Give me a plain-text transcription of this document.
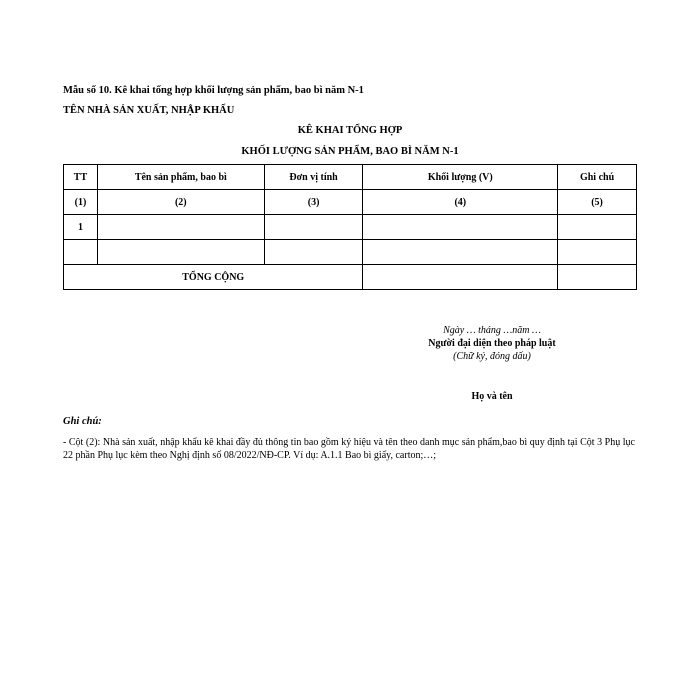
Mẫu số 10. Kê khai tổng hợp khối lượng sản phẩm, bao bì năm N-1
TÊN NHÀ SẢN XUẤT, NHẬP KHẨU
KÊ KHAI TỔNG HỢP
KHỐI LƯỢNG SẢN PHẨM, BAO BÌ NĂM N-1
TT	Tên sản phẩm, bao bì	Đơn vị tính	Khối lượng (V)	Ghi chú
(1)	(2)	(3)	(4)	(5)
1				

TỔNG CỘNG				
Ngày … tháng …năm …
Người đại diện theo pháp luật
(Chữ ký, đóng dấu)
Họ và tên
Ghi chú:
- Cột (2): Nhà sản xuất, nhập khẩu kê khai đầy đủ thông tin bao gồm ký hiệu và tên theo danh mục sản phẩm,bao bì quy định tại Cột 3 Phụ lục 22 phần Phụ lục kèm theo Nghị định số 08/2022/NĐ-CP. Ví dụ: A.1.1 Bao bì giấy, carton;…;
